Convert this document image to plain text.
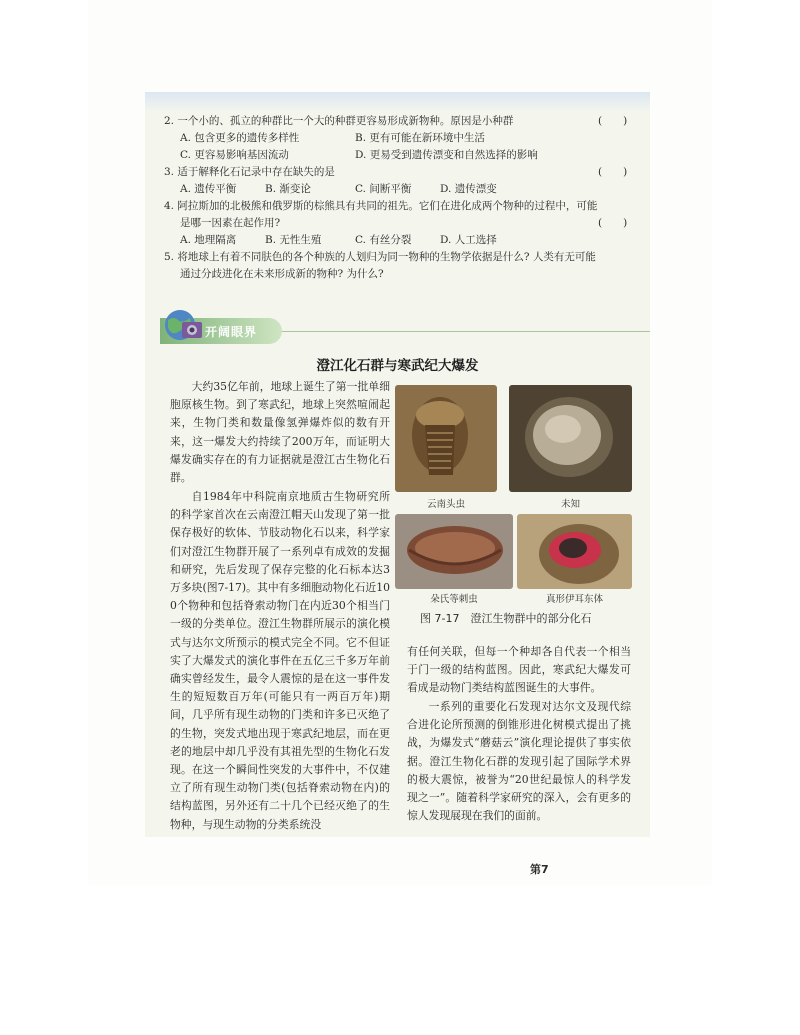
2. 一个小的、孤立的种群比一个大的种群更容易形成新物种。原因是小种群	(　　)
A. 包含更多的遗传多样性	B. 更有可能在新环境中生活
C. 更容易影响基因流动	D. 更易受到遗传漂变和自然选择的影响
3. 适于解释化石记录中存在缺失的是	(　　)
A. 遗传平衡	B. 渐变论	C. 间断平衡	D. 遗传漂变
4. 阿拉斯加的北极熊和俄罗斯的棕熊具有共同的祖先。它们在进化成两个物种的过程中，可能
是哪一因素在起作用?	(　　)
A. 地理隔离	B. 无性生殖	C. 有丝分裂	D. 人工选择
5. 将地球上有着不同肤色的各个种族的人划归为同一物种的生物学依据是什么? 人类有无可能
通过分歧进化在未来形成新的物种? 为什么?
开阔眼界
澄江化石群与寒武纪大爆发
大约35亿年前，地球上诞生了第一批单细胞原核生物。到了寒武纪，地球上突然喧闹起来，生物门类和数量像氢弹爆炸似的数有开来，这一爆发大约持续了200万年，而证明大爆发确实存在的有力证据就是澄江古生物化石群。
自1984年中科院南京地质古生物研究所的科学家首次在云南澄江帽天山发现了第一批保存极好的软体、节肢动物化石以来，科学家们对澄江生物群开展了一系列卓有成效的发掘和研究，先后发现了保存完整的化石标本达3万多块(图7-17)。其中有多细胞动物化石近100个物种和包括脊索动物门在内近30个相当门一级的分类单位。澄江生物群所展示的演化模式与达尔文所预示的模式完全不同。它不但证实了大爆发式的演化事件在五亿三千多万年前确实曾经发生，最令人震惊的是在这一事件发生的短短数百万年(可能只有一两百万年)期间，几乎所有现生动物的门类和许多已灭绝了的生物，突发式地出现于寒武纪地层，而在更老的地层中却几乎没有其祖先型的生物化石发现。在这一个瞬间性突发的大事件中，不仅建立了所有现生动物门类(包括脊索动物在内)的结构蓝图，另外还有二十几个已经灭绝了的生物种，与现生动物的分类系统没
云南头虫	未知
朵氏等刺虫	真形伊耳东体
图 7-17　澄江生物群中的部分化石
有任何关联，但每一个种却各自代表一个相当于门一级的结构蓝图。因此，寒武纪大爆发可看成是动物门类结构蓝图诞生的大事件。
一系列的重要化石发现对达尔文及现代综合进化论所预测的倒锥形进化树模式提出了挑战，为爆发式“蘑菇云”演化理论提供了事实依据。澄江生物化石群的发现引起了国际学术界的极大震惊，被誉为“20世纪最惊人的科学发现之一”。随着科学家研究的深入，会有更多的惊人发现展现在我们的面前。
第7
